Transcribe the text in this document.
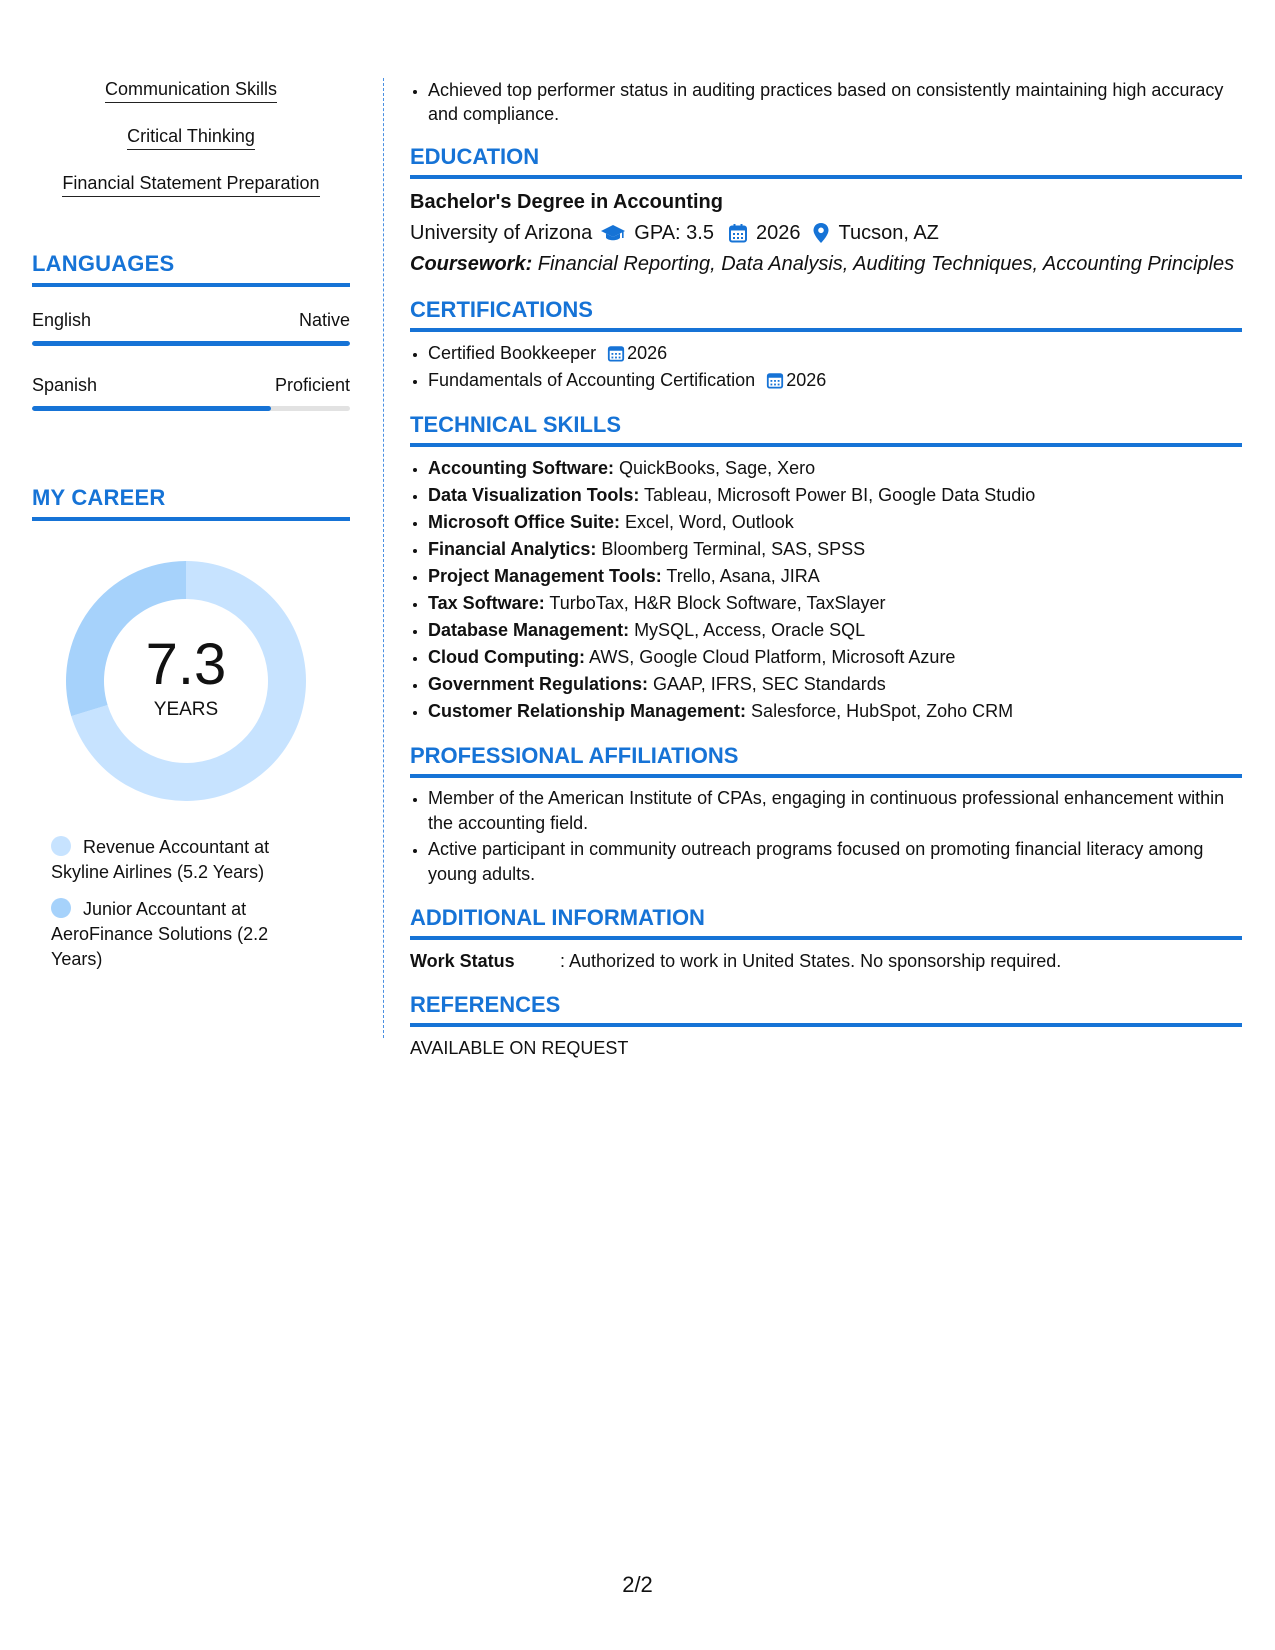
Communication Skills
Critical Thinking
Financial Statement Preparation
LANGUAGES
English	Native
Spanish	Proficient
MY CAREER
7.3
YEARS
Revenue Accountant at Skyline Airlines (5.2 Years)
Junior Accountant at AeroFinance Solutions (2.2 Years)
• Achieved top performer status in auditing practices based on consistently maintaining high accuracy and compliance.
EDUCATION
Bachelor's Degree in Accounting
University of Arizona GPA: 3.5 2026 Tucson, AZ
Coursework: Financial Reporting, Data Analysis, Auditing Techniques, Accounting Principles
CERTIFICATIONS
• Certified Bookkeeper 2026
• Fundamentals of Accounting Certification 2026
TECHNICAL SKILLS
• Accounting Software: QuickBooks, Sage, Xero
• Data Visualization Tools: Tableau, Microsoft Power BI, Google Data Studio
• Microsoft Office Suite: Excel, Word, Outlook
• Financial Analytics: Bloomberg Terminal, SAS, SPSS
• Project Management Tools: Trello, Asana, JIRA
• Tax Software: TurboTax, H&R Block Software, TaxSlayer
• Database Management: MySQL, Access, Oracle SQL
• Cloud Computing: AWS, Google Cloud Platform, Microsoft Azure
• Government Regulations: GAAP, IFRS, SEC Standards
• Customer Relationship Management: Salesforce, HubSpot, Zoho CRM
PROFESSIONAL AFFILIATIONS
• Member of the American Institute of CPAs, engaging in continuous professional enhancement within the accounting field.
• Active participant in community outreach programs focused on promoting financial literacy among young adults.
ADDITIONAL INFORMATION
Work Status	: Authorized to work in United States. No sponsorship required.
REFERENCES
AVAILABLE ON REQUEST
2/2
